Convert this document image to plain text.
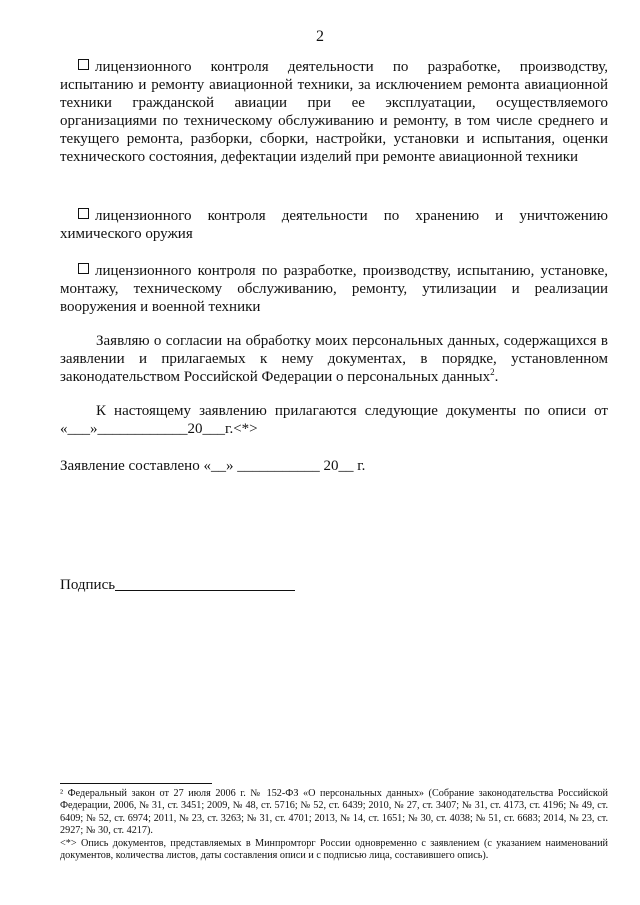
2

лицензионного контроля деятельности по разработке, производству, испытанию и ремонту авиационной техники, за исключением ремонта авиационной техники гражданской авиации при ее эксплуатации, осуществляемого организациями по техническому обслуживанию и ремонту, в том числе среднего и текущего ремонта, разборки, сборки, настройки, установки и испытания, оценки технического состояния, дефектации изделий при ремонте авиационной техники

лицензионного контроля деятельности по хранению и уничтожению химического оружия

лицензионного контроля по разработке, производству, испытанию, установке, монтажу, техническому обслуживанию, ремонту, утилизации и реализации вооружения и военной техники

Заявляю о согласии на обработку моих персональных данных, содержащихся в заявлении и прилагаемых к нему документах, в порядке, установленном законодательством Российской Федерации о персональных данных$^2$.

К настоящему заявлению прилагаются следующие документы по описи от «___»____________20___г.<*>

Заявление составлено «__» ___________ 20__ г.

Подпись

² Федеральный закон от 27 июля 2006 г. № 152-ФЗ «О персональных данных» (Собрание законодательства Российской Федерации, 2006, № 31, ст. 3451; 2009, № 48, ст. 5716; № 52, ст. 6439; 2010, № 27, ст. 3407; № 31, ст. 4173, ст. 4196; № 49, ст. 6409; № 52, ст. 6974; 2011, № 23, ст. 3263; № 31, ст. 4701; 2013, № 14, ст. 1651; № 30, ст. 4038; № 51, ст. 6683; 2014, № 23, ст. 2927; № 30, ст. 4217).

<*> Опись документов, представляемых в Минпромторг России одновременно с заявлением (с указанием наименований документов, количества листов, даты составления описи и с подписью лица, составившего опись).
